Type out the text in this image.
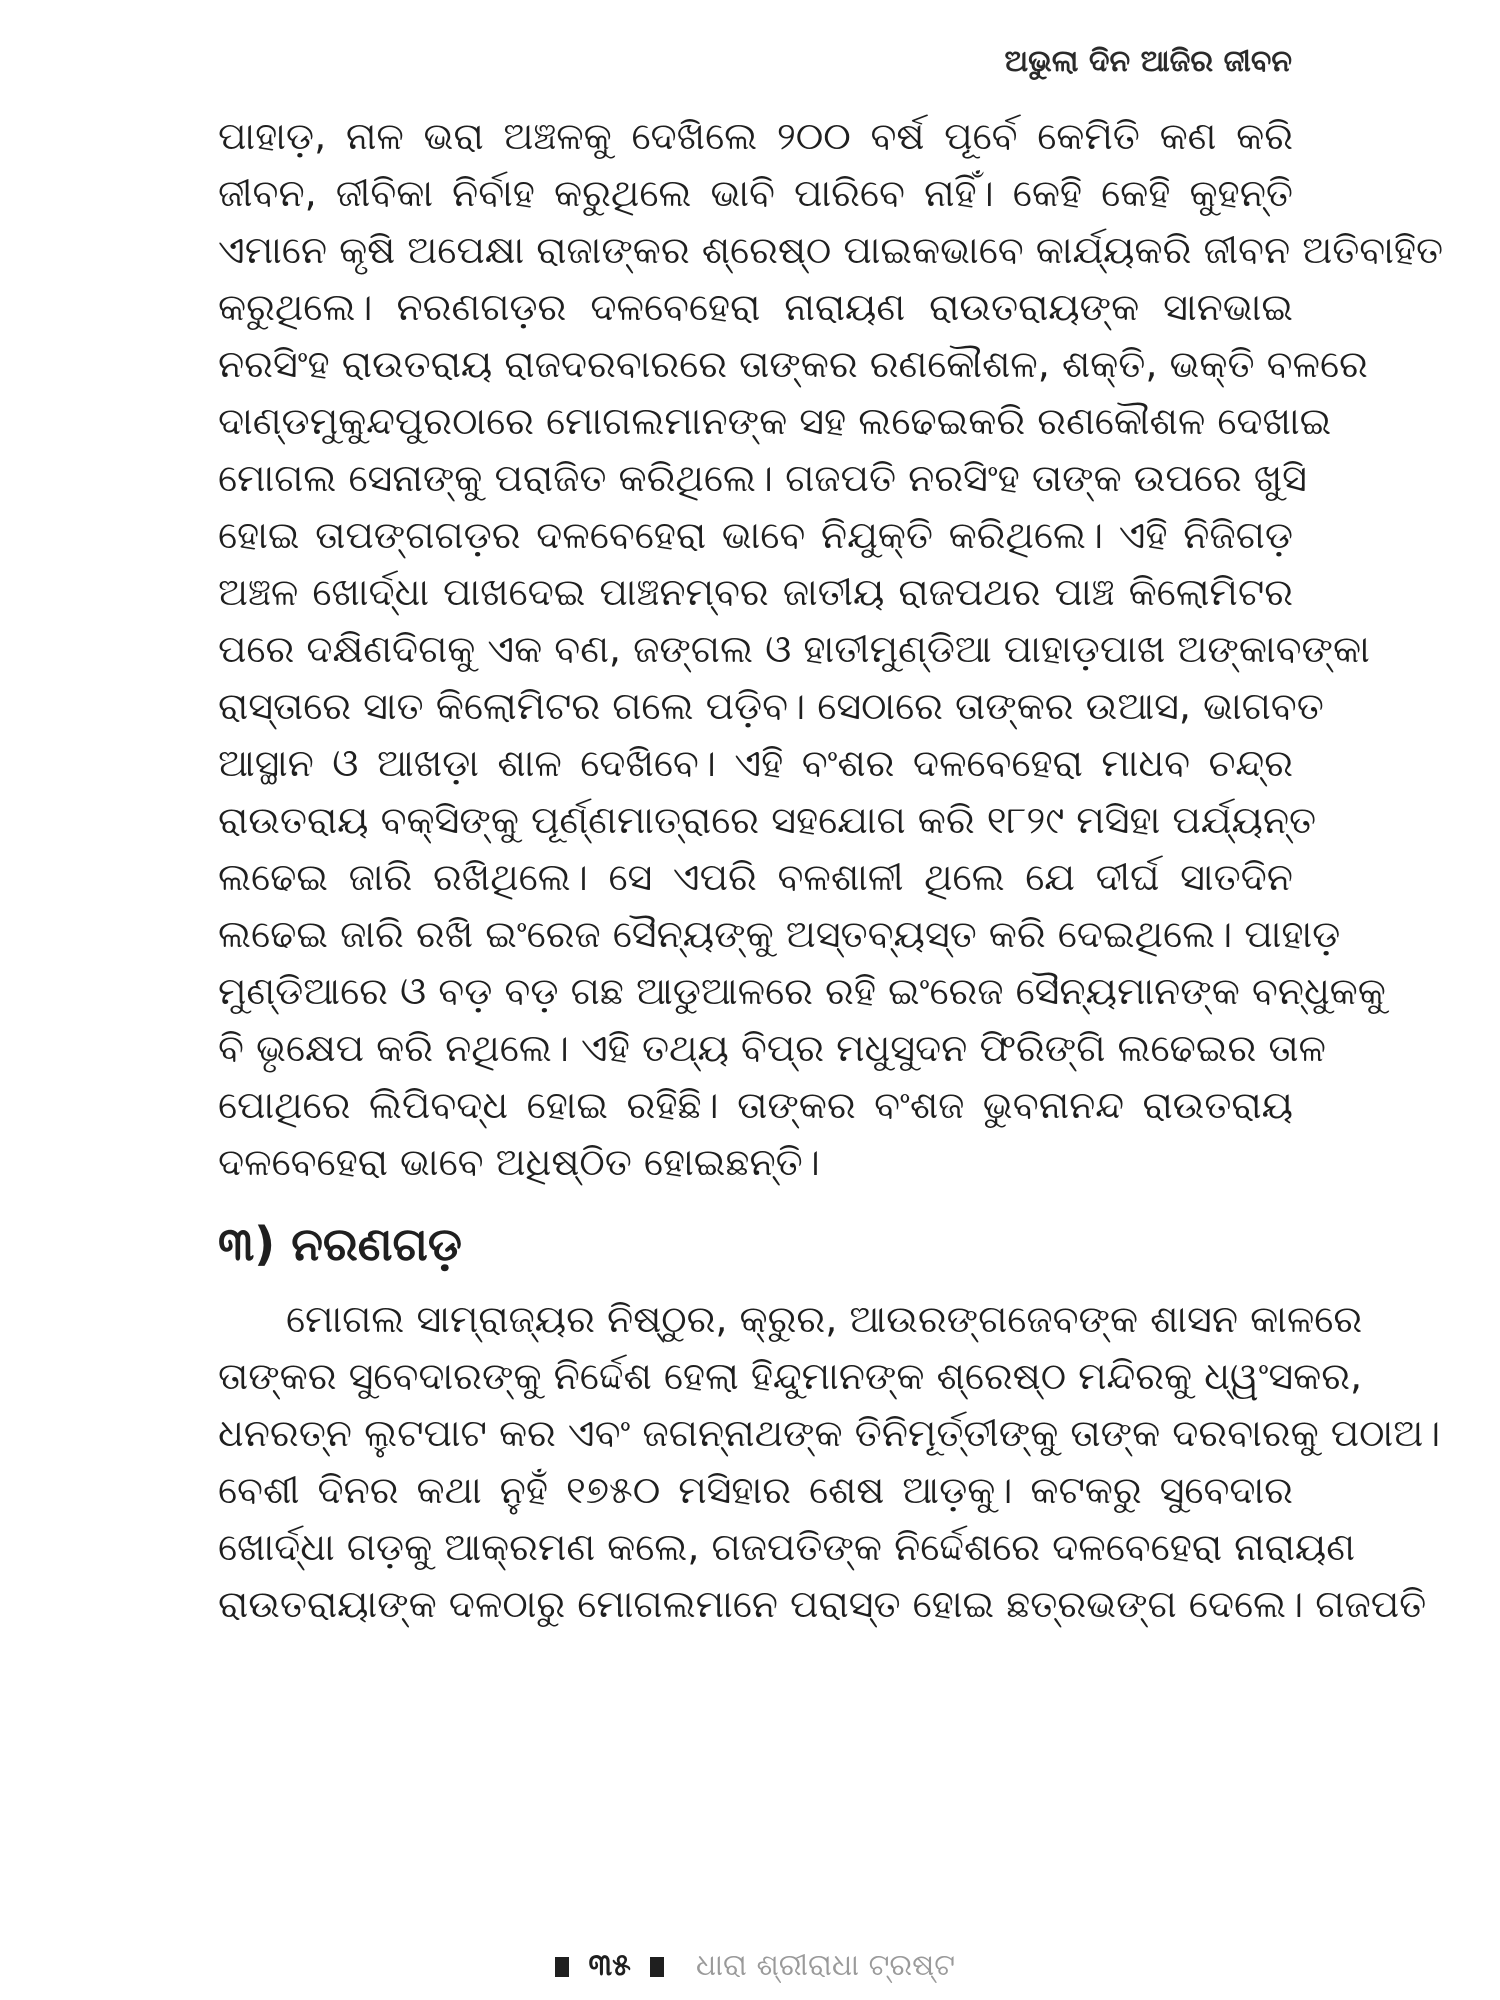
ଅଭୁଲା ଦିନ ଆଜିର ଜୀବନ
ପାହାଡ଼, ନାଳ ଭରା ଅଞ୍ଚଳକୁ ଦେଖିଲେ ୨୦୦ ବର୍ଷ ପୂର୍ବେ କେମିତି କଣ କରି
ଜୀବନ, ଜୀବିକା ନିର୍ବାହ କରୁଥିଲେ ଭାବି ପାରିବେ ନାହିଁ। କେହି କେହି କୁହନ୍ତି
ଏମାନେ କୃଷି ଅପେକ୍ଷା ରାଜାଙ୍କର ଶ୍ରେଷ୍ଠ ପାଇକଭାବେ କାର୍ଯ୍ୟକରି ଜୀବନ ଅତିବାହିତ
କରୁଥିଲେ। ନରଣଗଡ଼ର ଦଳବେହେରା ନାରାୟଣ ରାଉତରାୟଙ୍କ ସାନଭାଇ
ନରସିଂହ ରାଉତରାୟ ରାଜଦରବାରରେ ତାଙ୍କର ରଣକୌଶଳ, ଶକ୍ତି, ଭକ୍ତି ବଳରେ
ଦାଣ୍ଡମୁକୁନ୍ଦପୁରଠାରେ ମୋଗଲମାନଙ୍କ ସହ ଲଢେଇକରି ରଣକୌଶଳ ଦେଖାଇ
ମୋଗଲ ସେନାଙ୍କୁ ପରାଜିତ କରିଥିଲେ। ଗଜପତି ନରସିଂହ ତାଙ୍କ ଉପରେ ଖୁସି
ହୋଇ ତାପଙ୍ଗଗଡ଼ର ଦଳବେହେରା ଭାବେ ନିଯୁକ୍ତି କରିଥିଲେ। ଏହି ନିଜିଗଡ଼
ଅଞ୍ଚଳ ଖୋର୍ଦ୍ଧା ପାଖଦେଇ ପାଞ୍ଚନମ୍ବର ଜାତୀୟ ରାଜପଥର ପାଞ୍ଚ କିଲୋମିଟର
ପରେ ଦକ୍ଷିଣଦିଗକୁ ଏକ ବଣ, ଜଙ୍ଗଲ ଓ ହାତୀମୁଣ୍ଡିଆ ପାହାଡ଼ପାଖ ଅଙ୍କାବଙ୍କା
ରାସ୍ତାରେ ସାତ କିଲୋମିଟର ଗଲେ ପଡ଼ିବ। ସେଠାରେ ତାଙ୍କର ଉଆସ, ଭାଗବତ
ଆସ୍ଥାନ ଓ ଆଖଡ଼ା ଶାଳ ଦେଖିବେ। ଏହି ବଂଶର ଦଳବେହେରା ମାଧବ ଚନ୍ଦ୍ର
ରାଉତରାୟ ବକ୍ସିଙ୍କୁ ପୂର୍ଣ୍ଣମାତ୍ରାରେ ସହଯୋଗ କରି ୧୮୨୯ ମସିହା ପର୍ଯ୍ୟନ୍ତ
ଲଢେଇ ଜାରି ରଖିଥିଲେ। ସେ ଏପରି ବଳଶାଳୀ ଥିଲେ ଯେ ଦୀର୍ଘ ସାତଦିନ
ଲଢେଇ ଜାରି ରଖି ଇଂରେଜ ସୈନ୍ୟଙ୍କୁ ଅସ୍ତବ୍ୟସ୍ତ କରି ଦେଇଥିଲେ। ପାହାଡ଼
ମୁଣ୍ଡିଆରେ ଓ ବଡ଼ ବଡ଼ ଗଛ ଆଡୁଆଳରେ ରହି ଇଂରେଜ ସୈନ୍ୟମାନଙ୍କ ବନ୍ଧୁକକୁ
ବି ଭୃକ୍ଷେପ କରି ନଥିଲେ। ଏହି ତଥ୍ୟ ବିପ୍ର ମଧୁସୁଦନ ଫିରିଙ୍ଗି ଲଢେଇର ତାଳ
ପୋଥିରେ ଲିପିବଦ୍ଧ ହୋଇ ରହିଛି। ତାଙ୍କର ବଂଶଜ ଭୁବନାନନ୍ଦ ରାଉତରାୟ
ଦଳବେହେରା ଭାବେ ଅଧିଷ୍ଠିତ ହୋଇଛନ୍ତି।
୩) ନରଣଗଡ଼
ମୋଗଲ ସାମ୍ରାଜ୍ୟର ନିଷ୍ଠୁର, କ୍ରୁର, ଆଉରଙ୍ଗଜେବଙ୍କ ଶାସନ କାଳରେ
ତାଙ୍କର ସୁବେଦାରଙ୍କୁ ନିର୍ଦ୍ଦେଶ ହେଲା ହିନ୍ଦୁମାନଙ୍କ ଶ୍ରେଷ୍ଠ ମନ୍ଦିରକୁ ଧ୍ୱଂସକର,
ଧନରତ୍ନ ଲୁଟପାଟ କର ଏବଂ ଜଗନ୍ନାଥଙ୍କ ତିନିମୂର୍ତ୍ତୀଙ୍କୁ ତାଙ୍କ ଦରବାରକୁ ପଠାଅ।
ବେଶୀ ଦିନର କଥା ନୁହଁ ୧୭୫୦ ମସିହାର ଶେଷ ଆଡ଼କୁ। କଟକରୁ ସୁବେଦାର
ଖୋର୍ଦ୍ଧା ଗଡ଼କୁ ଆକ୍ରମଣ କଲେ, ଗଜପତିଙ୍କ ନିର୍ଦ୍ଦେଶରେ ଦଳବେହେରା ନାରାୟଣ
ରାଉତରାୟାଙ୍କ ଦଳଠାରୁ ମୋଗଲମାନେ ପରାସ୍ତ ହୋଇ ଛତ୍ରଭଙ୍ଗ ଦେଲେ। ଗଜପତି
୩୫ ଧାରା ଶ୍ରୀରାଧା ଟ୍ରଷ୍ଟ
